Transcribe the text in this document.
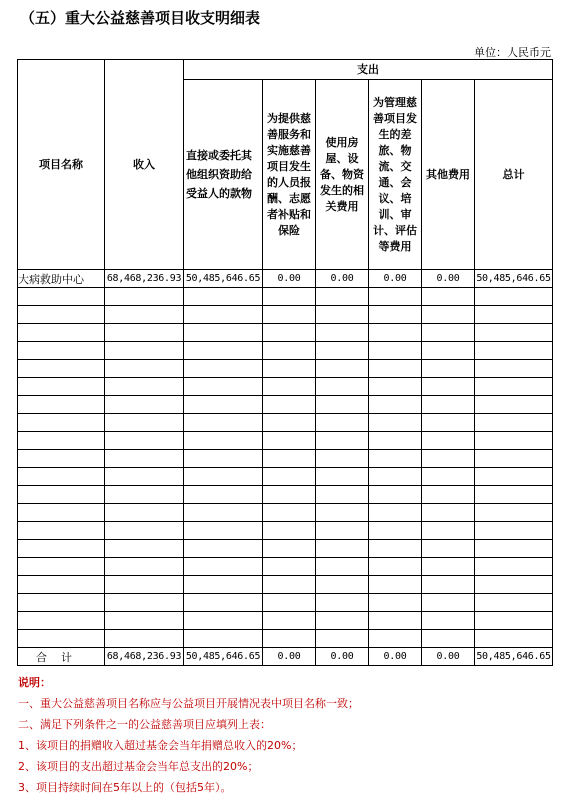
（五）重大公益慈善项目收支明细表
单位：人民币元
项目名称	收入	支出					
		直接或委托其他组织资助给受益人的款物	为提供慈善服务和实施慈善项目发生的人员报酬、志愿者补贴和保险	使用房屋、设备、物资发生的相关费用	为管理慈善项目发生的差旅、物流、交通、会议、培训、审计、评估等费用	其他费用	总计
大病救助中心	68,468,236.93	50,485,646.65	0.00	0.00	0.00	0.00	50,485,646.65

合计	68,468,236.93	50,485,646.65	0.00	0.00	0.00	0.00	50,485,646.65
说明：
一、重大公益慈善项目名称应与公益项目开展情况表中项目名称一致；
二、满足下列条件之一的公益慈善项目应填列上表：
1、该项目的捐赠收入超过基金会当年捐赠总收入的20%；
2、该项目的支出超过基金会当年总支出的20%；
3、项目持续时间在5年以上的（包括5年）。
